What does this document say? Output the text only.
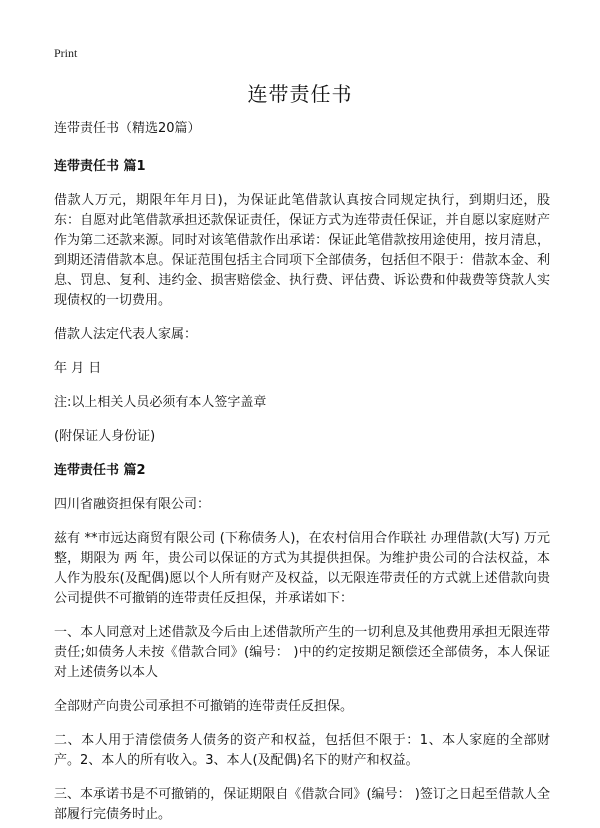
Print
连带责任书

连带责任书（精选20篇）

连带责任书 篇1

借款人万元，期限年年月日)，为保证此笔借款认真按合同规定执行，到期归还，股东：自愿对此笔借款承担还款保证责任，保证方式为连带责任保证，并自愿以家庭财产作为第二还款来源。同时对该笔借款作出承诺：保证此笔借款按用途使用，按月清息，到期还清借款本息。保证范围包括主合同项下全部债务，包括但不限于：借款本金、利息、罚息、复利、违约金、损害赔偿金、执行费、评估费、诉讼费和仲裁费等贷款人实现债权的一切费用。

借款人法定代表人家属：

年 月 日

注:以上相关人员必须有本人签字盖章

(附保证人身份证)

连带责任书 篇2

四川省融资担保有限公司：

兹有 **市远达商贸有限公司 (下称债务人)，在农村信用合作联社 办理借款(大写) 万元整，期限为 两 年，贵公司以保证的方式为其提供担保。为维护贵公司的合法权益，本人作为股东(及配偶)愿以个人所有财产及权益，以无限连带责任的方式就上述借款向贵公司提供不可撤销的连带责任反担保，并承诺如下：

一、本人同意对上述借款及今后由上述借款所产生的一切利息及其他费用承担无限连带责任;如债务人未按《借款合同》(编号： )中的约定按期足额偿还全部债务，本人保证对上述债务以本人

全部财产向贵公司承担不可撤销的连带责任反担保。

二、本人用于清偿债务人债务的资产和权益，包括但不限于：1、本人家庭的全部财产。2、本人的所有收入。3、本人(及配偶)名下的财产和权益。

三、本承诺书是不可撤销的，保证期限自《借款合同》(编号： )签订之日起至借款人全部履行完债务时止。
